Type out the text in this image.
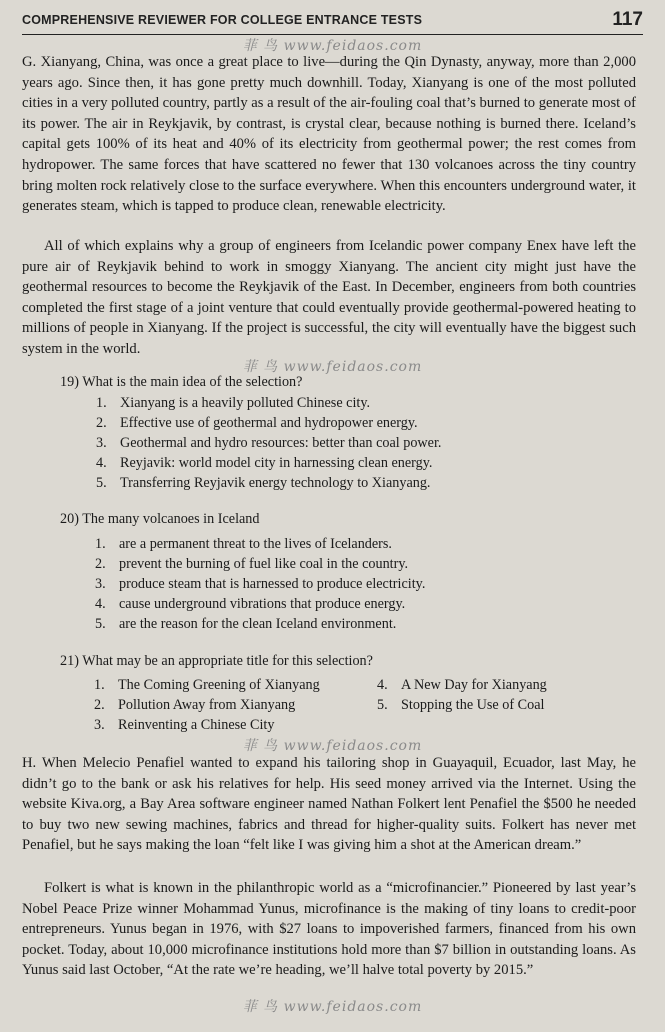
COMPREHENSIVE REVIEWER FOR COLLEGE ENTRANCE TESTS	117
菲 鸟 www.feidaos.com

G. Xianyang, China, was once a great place to live—during the Qin Dynasty, anyway, more than 2,000 years ago. Since then, it has gone pretty much downhill. Today, Xianyang is one of the most polluted cities in a very polluted country, partly as a result of the air-fouling coal that’s burned to generate most of its power. The air in Reykjavik, by contrast, is crystal clear, because nothing is burned there. Iceland’s capital gets 100% of its heat and 40% of its electricity from geothermal power; the rest comes from hydropower. The same forces that have scattered no fewer that 130 volcanoes across the tiny country bring molten rock relatively close to the surface everywhere. When this encounters underground water, it generates steam, which is tapped to produce clean, renewable electricity.

All of which explains why a group of engineers from Icelandic power company Enex have left the pure air of Reykjavik behind to work in smoggy Xianyang. The ancient city might just have the geothermal resources to become the Reykjavik of the East. In December, engineers from both countries completed the first stage of a joint venture that could eventually provide geothermal-powered heating to millions of people in Xianyang. If the project is successful, the city will eventually have the biggest such system in the world.

菲 鸟 www.feidaos.com
19) What is the main idea of the selection?
1. Xianyang is a heavily polluted Chinese city.
2. Effective use of geothermal and hydropower energy.
3. Geothermal and hydro resources: better than coal power.
4. Reyjavik: world model city in harnessing clean energy.
5. Transferring Reyjavik energy technology to Xianyang.
20) The many volcanoes in Iceland
1. are a permanent threat to the lives of Icelanders.
2. prevent the burning of fuel like coal in the country.
3. produce steam that is harnessed to produce electricity.
4. cause underground vibrations that produce energy.
5. are the reason for the clean Iceland environment.
21) What may be an appropriate title for this selection?
1. The Coming Greening of Xianyang
2. Pollution Away from Xianyang
3. Reinventing a Chinese City
4. A New Day for Xianyang
5. Stopping the Use of Coal
菲 鸟 www.feidaos.com

H. When Melecio Penafiel wanted to expand his tailoring shop in Guayaquil, Ecuador, last May, he didn’t go to the bank or ask his relatives for help. His seed money arrived via the Internet. Using the website Kiva.org, a Bay Area software engineer named Nathan Folkert lent Penafiel the $500 he needed to buy two new sewing machines, fabrics and thread for higher-quality suits. Folkert has never met Penafiel, but he says making the loan “felt like I was giving him a shot at the American dream.”

Folkert is what is known in the philanthropic world as a “microfinancier.” Pioneered by last year’s Nobel Peace Prize winner Mohammad Yunus, microfinance is the making of tiny loans to credit-poor entrepreneurs. Yunus began in 1976, with $27 loans to impoverished farmers, financed from his own pocket. Today, about 10,000 microfinance institutions hold more than $7 billion in outstanding loans. As Yunus said last October, “At the rate we’re heading, we’ll halve total poverty by 2015.”

菲 鸟 www.feidaos.com
